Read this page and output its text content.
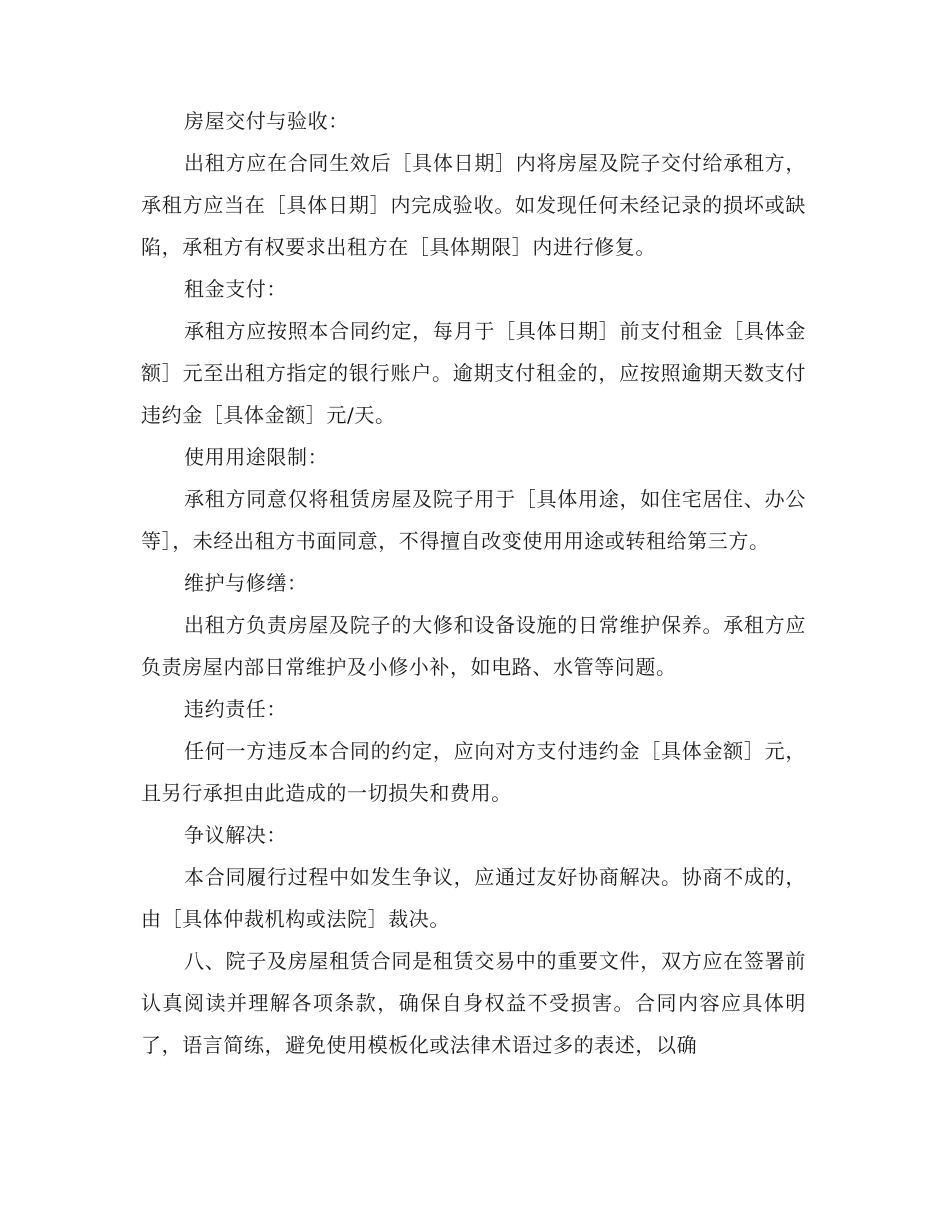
房屋交付与验收：

出租方应在合同生效后［具体日期］内将房屋及院子交付给承租方，承租方应当在［具体日期］内完成验收。如发现任何未经记录的损坏或缺陷，承租方有权要求出租方在［具体期限］内进行修复。

租金支付：

承租方应按照本合同约定，每月于［具体日期］前支付租金［具体金额］元至出租方指定的银行账户。逾期支付租金的，应按照逾期天数支付违约金［具体金额］元/天。

使用用途限制：

承租方同意仅将租赁房屋及院子用于［具体用途，如住宅居住、办公等］，未经出租方书面同意，不得擅自改变使用用途或转租给第三方。

维护与修缮：

出租方负责房屋及院子的大修和设备设施的日常维护保养。承租方应负责房屋内部日常维护及小修小补，如电路、水管等问题。

违约责任：

任何一方违反本合同的约定，应向对方支付违约金［具体金额］元，且另行承担由此造成的一切损失和费用。

争议解决：

本合同履行过程中如发生争议，应通过友好协商解决。协商不成的，由［具体仲裁机构或法院］裁决。

八、院子及房屋租赁合同是租赁交易中的重要文件，双方应在签署前认真阅读并理解各项条款，确保自身权益不受损害。合同内容应具体明了，语言简练，避免使用模板化或法律术语过多的表述，以确
